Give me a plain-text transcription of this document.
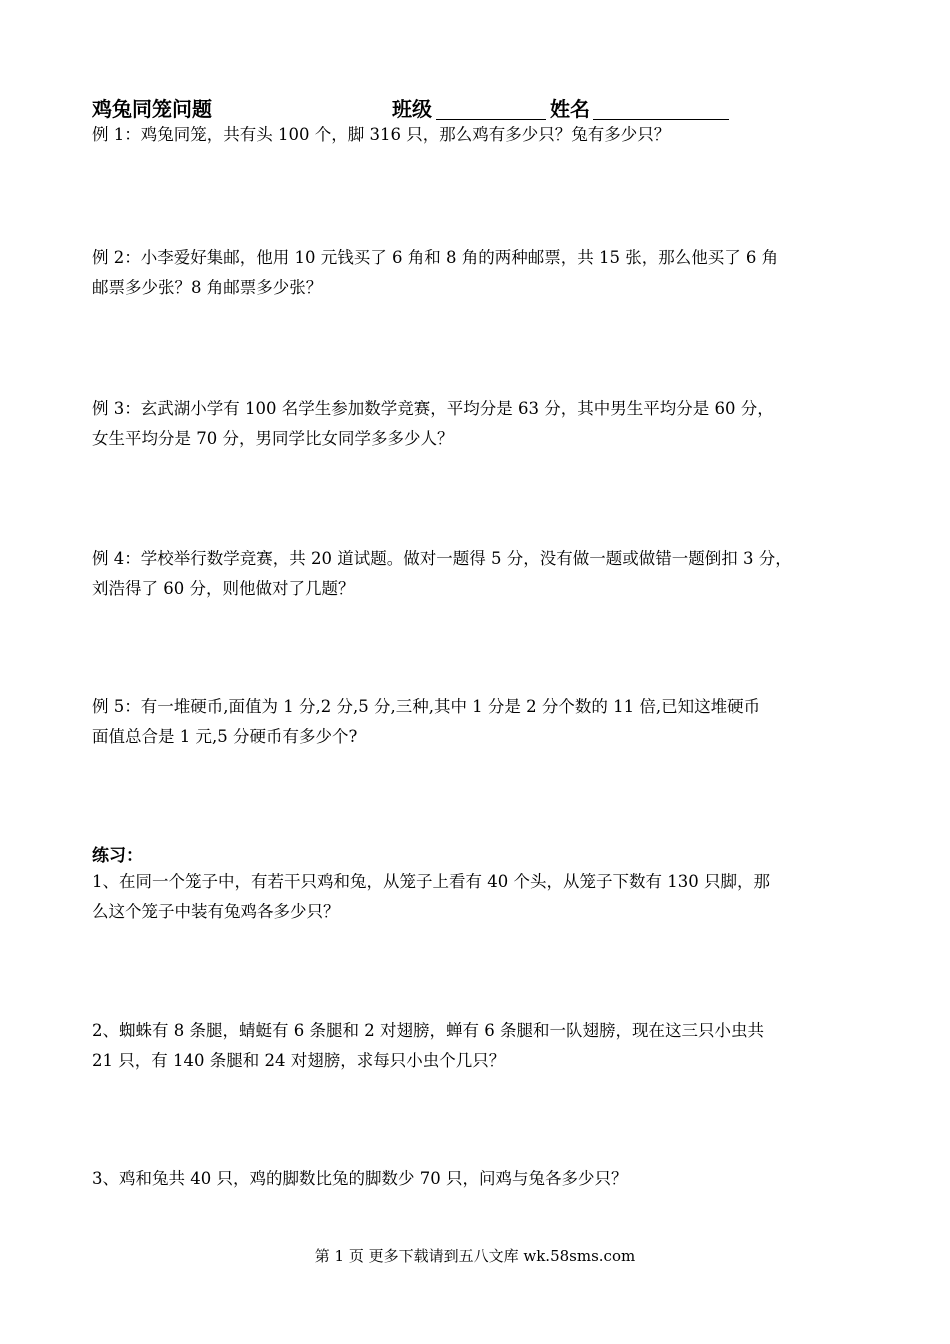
鸡兔同笼问题	班级	姓名
例 1：鸡兔同笼，共有头 100 个，脚 316 只，那么鸡有多少只？兔有多少只？
例 2：小李爱好集邮，他用 10 元钱买了 6 角和 8 角的两种邮票，共 15 张，那么他买了 6 角
邮票多少张？8 角邮票多少张？
例 3：玄武湖小学有 100 名学生参加数学竞赛，平均分是 63 分，其中男生平均分是 60 分，
女生平均分是 70 分，男同学比女同学多多少人？
例 4：学校举行数学竞赛，共 20 道试题。做对一题得 5 分，没有做一题或做错一题倒扣 3 分，
刘浩得了 60 分，则他做对了几题？
例 5：有一堆硬币,面值为 1 分,2 分,5 分,三种,其中 1 分是 2 分个数的 11 倍,已知这堆硬币
面值总合是 1 元,5 分硬币有多少个?
练习：
1、在同一个笼子中，有若干只鸡和兔，从笼子上看有 40 个头，从笼子下数有 130 只脚，那
么这个笼子中装有兔鸡各多少只？
2、蜘蛛有 8 条腿，蜻蜓有 6 条腿和 2 对翅膀，蝉有 6 条腿和一队翅膀，现在这三只小虫共
21 只，有 140 条腿和 24 对翅膀，求每只小虫个几只？
3、鸡和兔共 40 只，鸡的脚数比兔的脚数少 70 只，问鸡与兔各多少只？
第 1 页 更多下载请到五八文库 wk.58sms.com
